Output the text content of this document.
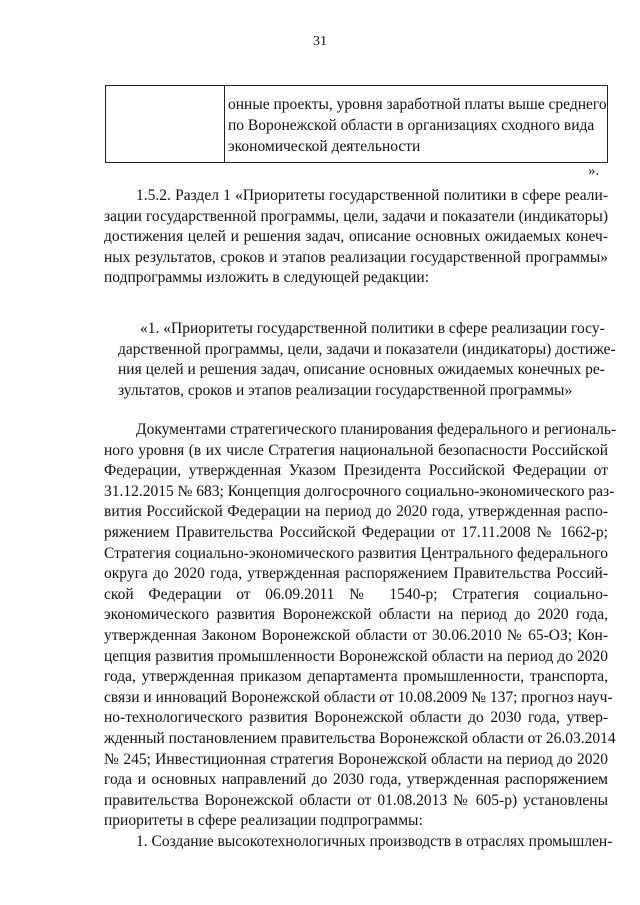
31
онные проекты, уровня заработной платы выше среднего
по Воронежской области в организациях сходного вида
экономической деятельности
».
1.5.2. Раздел 1 «Приоритеты государственной политики в сфере реали-
зации государственной программы, цели, задачи и показатели (индикаторы)
достижения целей и решения задач, описание основных ожидаемых конеч-
ных результатов, сроков и этапов реализации государственной программы»
подпрограммы изложить в следующей редакции:
«1. «Приоритеты государственной политики в сфере реализации госу-
дарственной программы, цели, задачи и показатели (индикаторы) достиже-
ния целей и решения задач, описание основных ожидаемых конечных ре-
зультатов, сроков и этапов реализации государственной программы»
Документами стратегического планирования федерального и региональ-
ного уровня (в их числе Стратегия национальной безопасности Российской
Федерации, утвержденная Указом Президента Российской Федерации от
31.12.2015 № 683; Концепция долгосрочного социально-экономического раз-
вития Российской Федерации на период до 2020 года, утвержденная распо-
ряжением Правительства Российской Федерации от 17.11.2008 № 1662-р;
Стратегия социально-экономического развития Центрального федерального
округа до 2020 года, утвержденная распоряжением Правительства Россий-
ской Федерации от 06.09.2011 № 1540-р; Стратегия социально-
экономического развития Воронежской области на период до 2020 года,
утвержденная Законом Воронежской области от 30.06.2010 № 65-ОЗ; Кон-
цепция развития промышленности Воронежской области на период до 2020
года, утвержденная приказом департамента промышленности, транспорта,
связи и инноваций Воронежской области от 10.08.2009 № 137; прогноз науч-
но-технологического развития Воронежской области до 2030 года, утвер-
жденный постановлением правительства Воронежской области от 26.03.2014
№ 245; Инвестиционная стратегия Воронежской области на период до 2020
года и основных направлений до 2030 года, утвержденная распоряжением
правительства Воронежской области от 01.08.2013 № 605-р) установлены
приоритеты в сфере реализации подпрограммы:
1. Создание высокотехнологичных производств в отраслях промышлен-
